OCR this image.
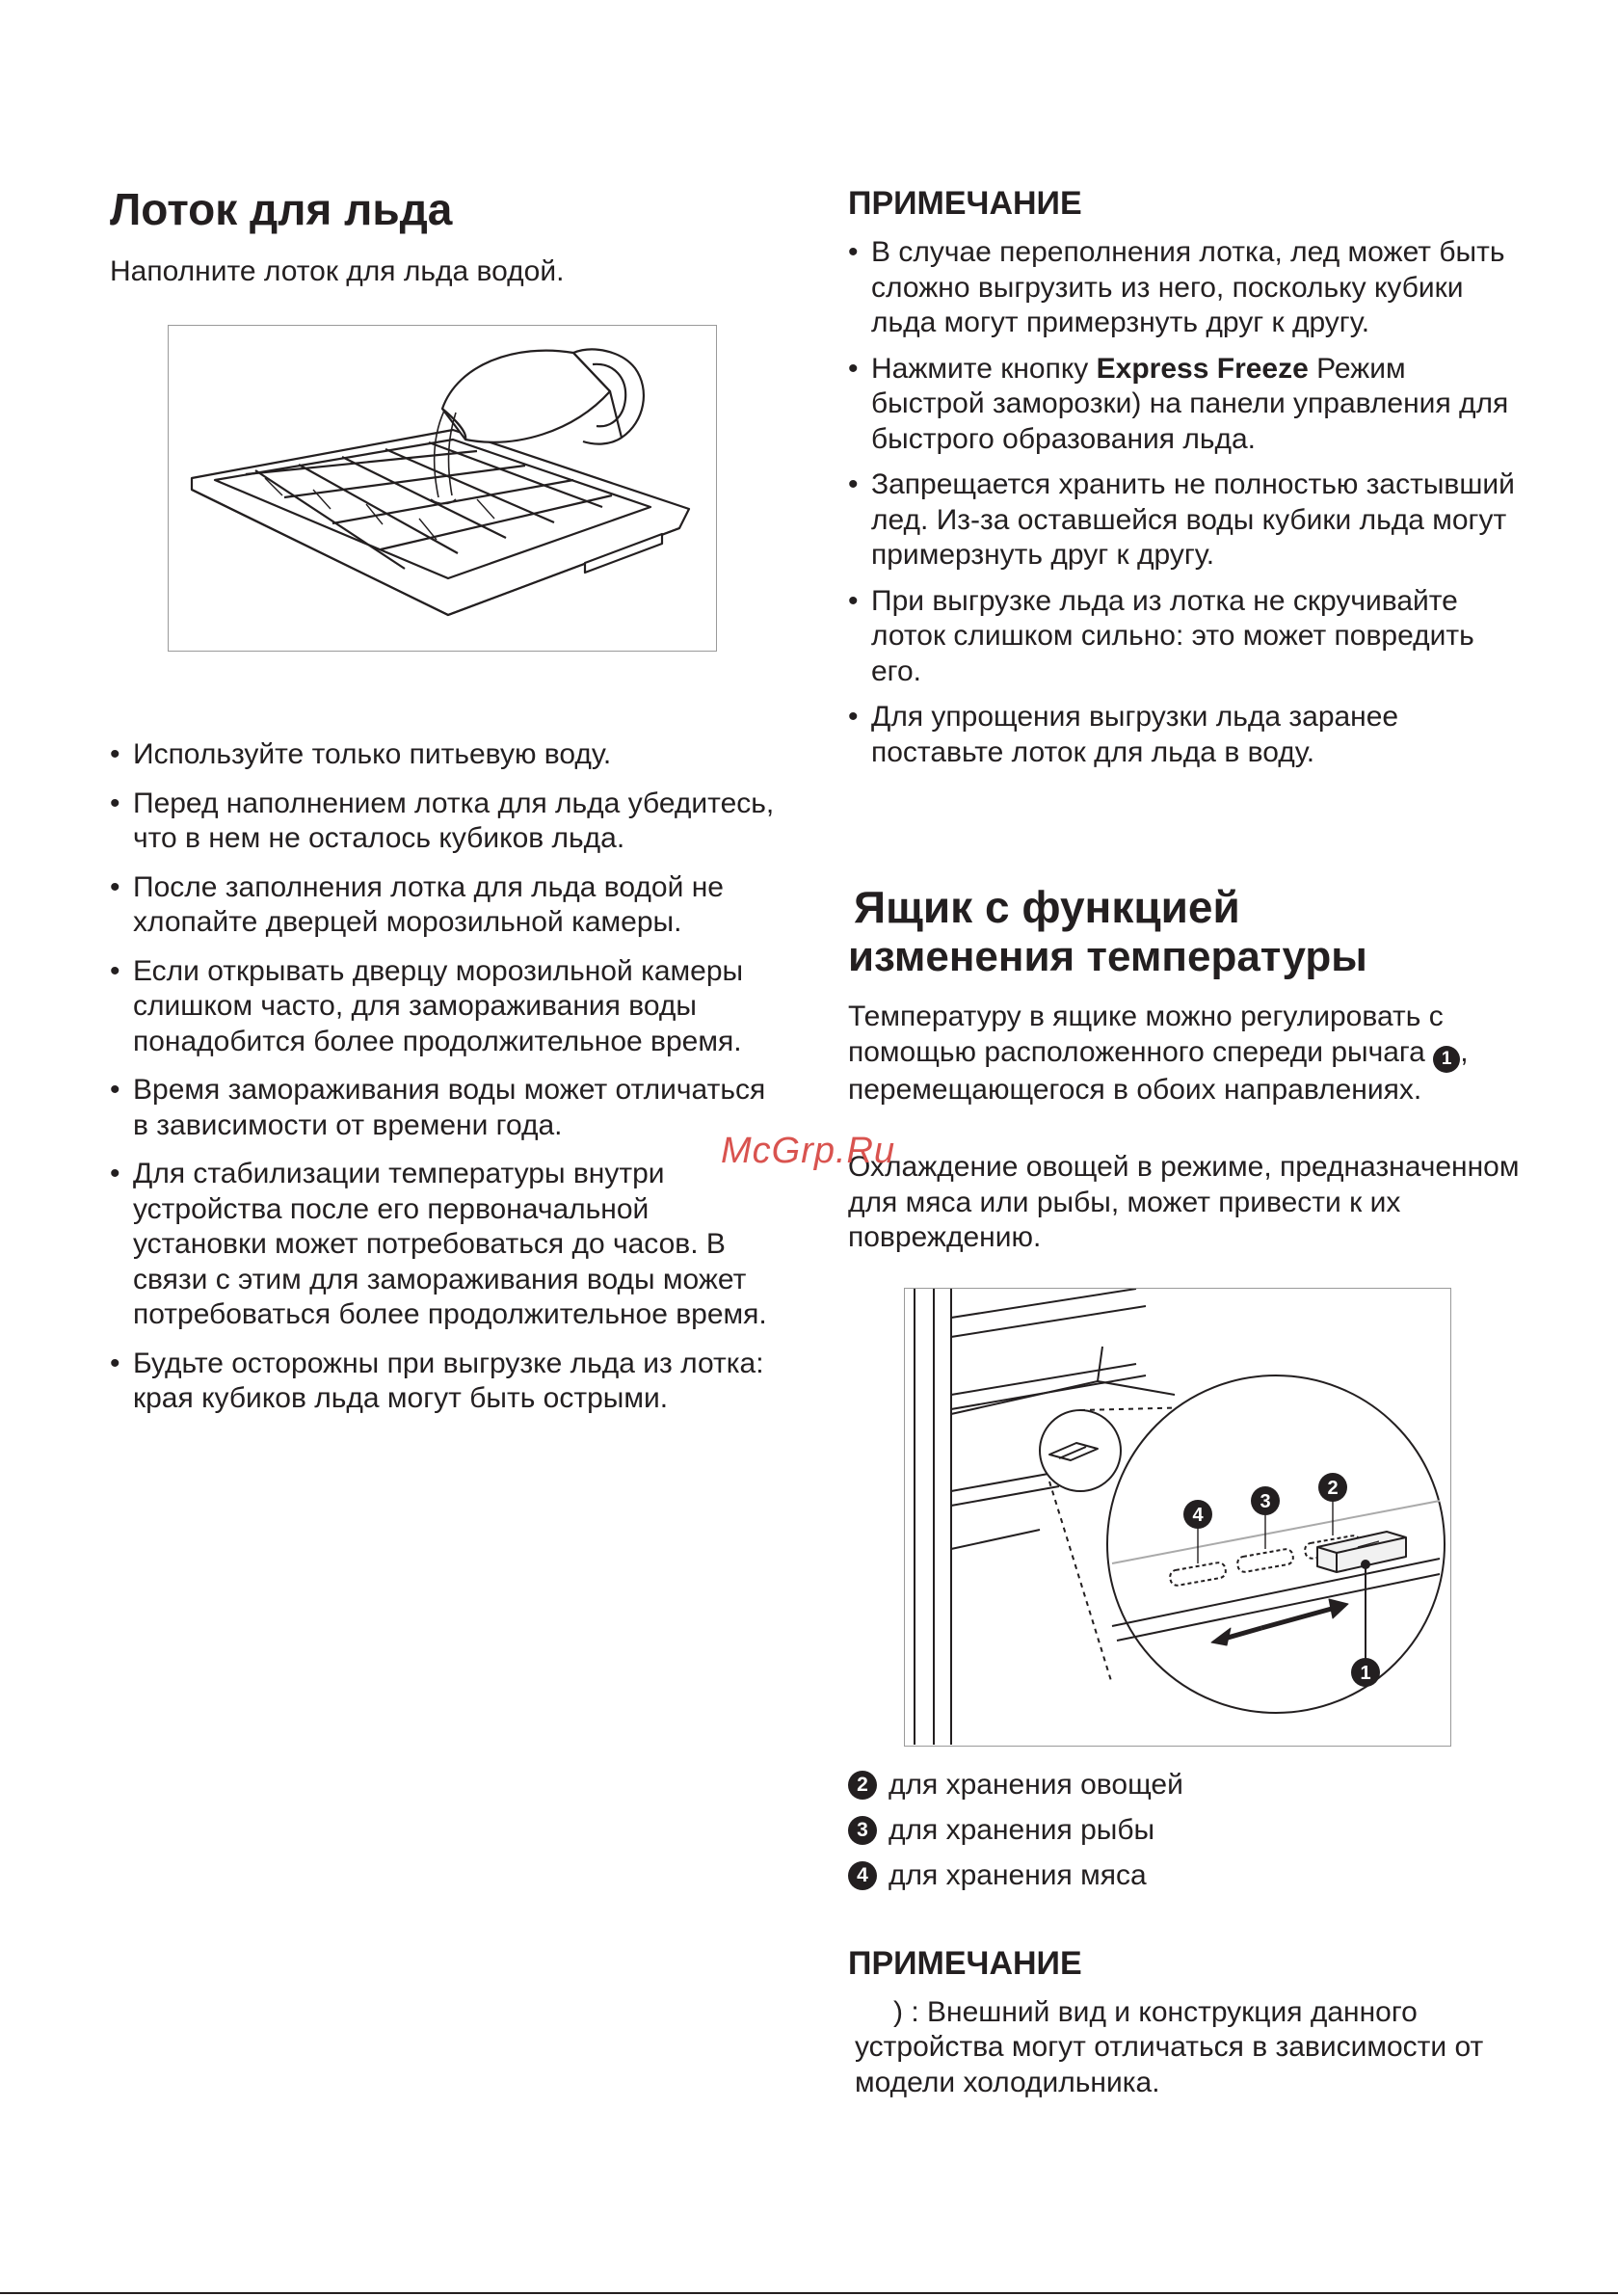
Лоток для льда

Наполните лоток для льда водой.

• Используйте только питьевую воду.
• Перед наполнением лотка для льда убедитесь, что в нем не осталось кубиков льда.
• После заполнения лотка для льда водой не хлопайте дверцей морозильной камеры.
• Если открывать дверцу морозильной камеры слишком часто, для замораживания воды понадобится более продолжительное время.
• Время замораживания воды может отличаться в зависимости от времени года.
• Для стабилизации температуры внутри устройства после его первоначальной установки может потребоваться до часов. В связи с этим для замораживания воды может потребоваться более продолжительное время.
• Будьте осторожны при выгрузке льда из лотка: края кубиков льда могут быть острыми.
ПРИМЕЧАНИЕ
• В случае переполнения лотка, лед может быть сложно выгрузить из него, поскольку кубики льда могут примерзнуть друг к другу.
• Нажмите кнопку Express Freeze Режим быстрой заморозки) на панели управления для быстрого образования льда.
• Запрещается хранить не полностью застывший лед. Из-за оставшейся воды кубики льда могут примерзнуть друг к другу.
• При выгрузке льда из лотка не скручивайте лоток слишком сильно: это может повредить его.
• Для упрощения выгрузки льда заранее поставьте лоток для льда в воду.
Ящик с функцией
изменения температуры

Температуру в ящике можно регулировать с помощью расположенного спереди рычага 1 , перемещающегося в обоих направлениях.

Охлаждение овощей в режиме, предназначенном для мяса или рыбы, может привести к их повреждению.

4
3
2
1
2 для хранения овощей
3 для хранения рыбы
4 для хранения мяса
ПРИМЕЧАНИЕ

) : Внешний вид и конструкция данного

устройства могут отличаться в зависимости от модели холодильника.

McGrp.Ru
